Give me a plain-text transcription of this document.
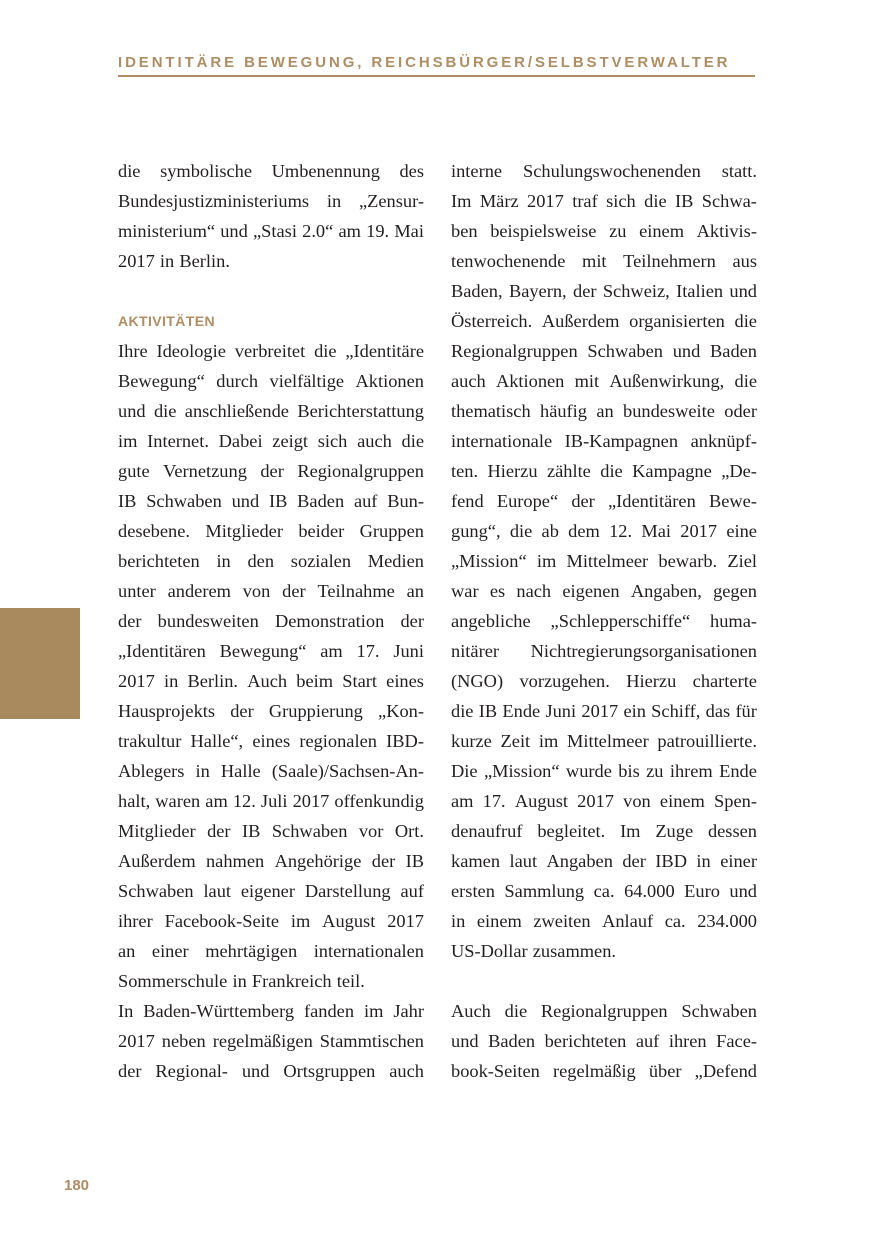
IDENTITÄRE BEWEGUNG, REICHSBÜRGER/SELBSTVERWALTER
die symbolische Umbenennung des
Bundesjustizministeriums in „Zensur-
ministerium“ und „Stasi 2.0“ am 19. Mai
2017 in Berlin.
AKTIVITÄTEN
Ihre Ideologie verbreitet die „Identitäre
Bewegung“ durch vielfältige Aktionen
und die anschließende Berichterstattung
im Internet. Dabei zeigt sich auch die
gute Vernetzung der Regionalgruppen
IB Schwaben und IB Baden auf Bun-
desebene. Mitglieder beider Gruppen
berichteten in den sozialen Medien
unter anderem von der Teilnahme an
der bundesweiten Demonstration der
„Identitären Bewegung“ am 17. Juni
2017 in Berlin. Auch beim Start eines
Hausprojekts der Gruppierung „Kon-
trakultur Halle“, eines regionalen IBD-
Ablegers in Halle (Saale)/Sachsen-An-
halt, waren am 12. Juli 2017 offenkundig
Mitglieder der IB Schwaben vor Ort.
Außerdem nahmen Angehörige der IB
Schwaben laut eigener Darstellung auf
ihrer Facebook-Seite im August 2017
an einer mehrtägigen internationalen
Sommerschule in Frankreich teil.
In Baden-Württemberg fanden im Jahr
2017 neben regelmäßigen Stammtischen
der Regional- und Ortsgruppen auch
interne Schulungswochenenden statt.
Im März 2017 traf sich die IB Schwa-
ben beispielsweise zu einem Aktivis-
tenwochenende mit Teilnehmern aus
Baden, Bayern, der Schweiz, Italien und
Österreich. Außerdem organisierten die
Regionalgruppen Schwaben und Baden
auch Aktionen mit Außenwirkung, die
thematisch häufig an bundesweite oder
internationale IB-Kampagnen anknüpf-
ten. Hierzu zählte die Kampagne „De-
fend Europe“ der „Identitären Bewe-
gung“, die ab dem 12. Mai 2017 eine
„Mission“ im Mittelmeer bewarb. Ziel
war es nach eigenen Angaben, gegen
angebliche „Schlepperschiffe“ huma-
nitärer Nichtregierungsorganisationen
(NGO) vorzugehen. Hierzu charterte
die IB Ende Juni 2017 ein Schiff, das für
kurze Zeit im Mittelmeer patrouillierte.
Die „Mission“ wurde bis zu ihrem Ende
am 17. August 2017 von einem Spen-
denaufruf begleitet. Im Zuge dessen
kamen laut Angaben der IBD in einer
ersten Sammlung ca. 64.000 Euro und
in einem zweiten Anlauf ca. 234.000
US-Dollar zusammen.
Auch die Regionalgruppen Schwaben
und Baden berichteten auf ihren Face-
book-Seiten regelmäßig über „Defend
180
